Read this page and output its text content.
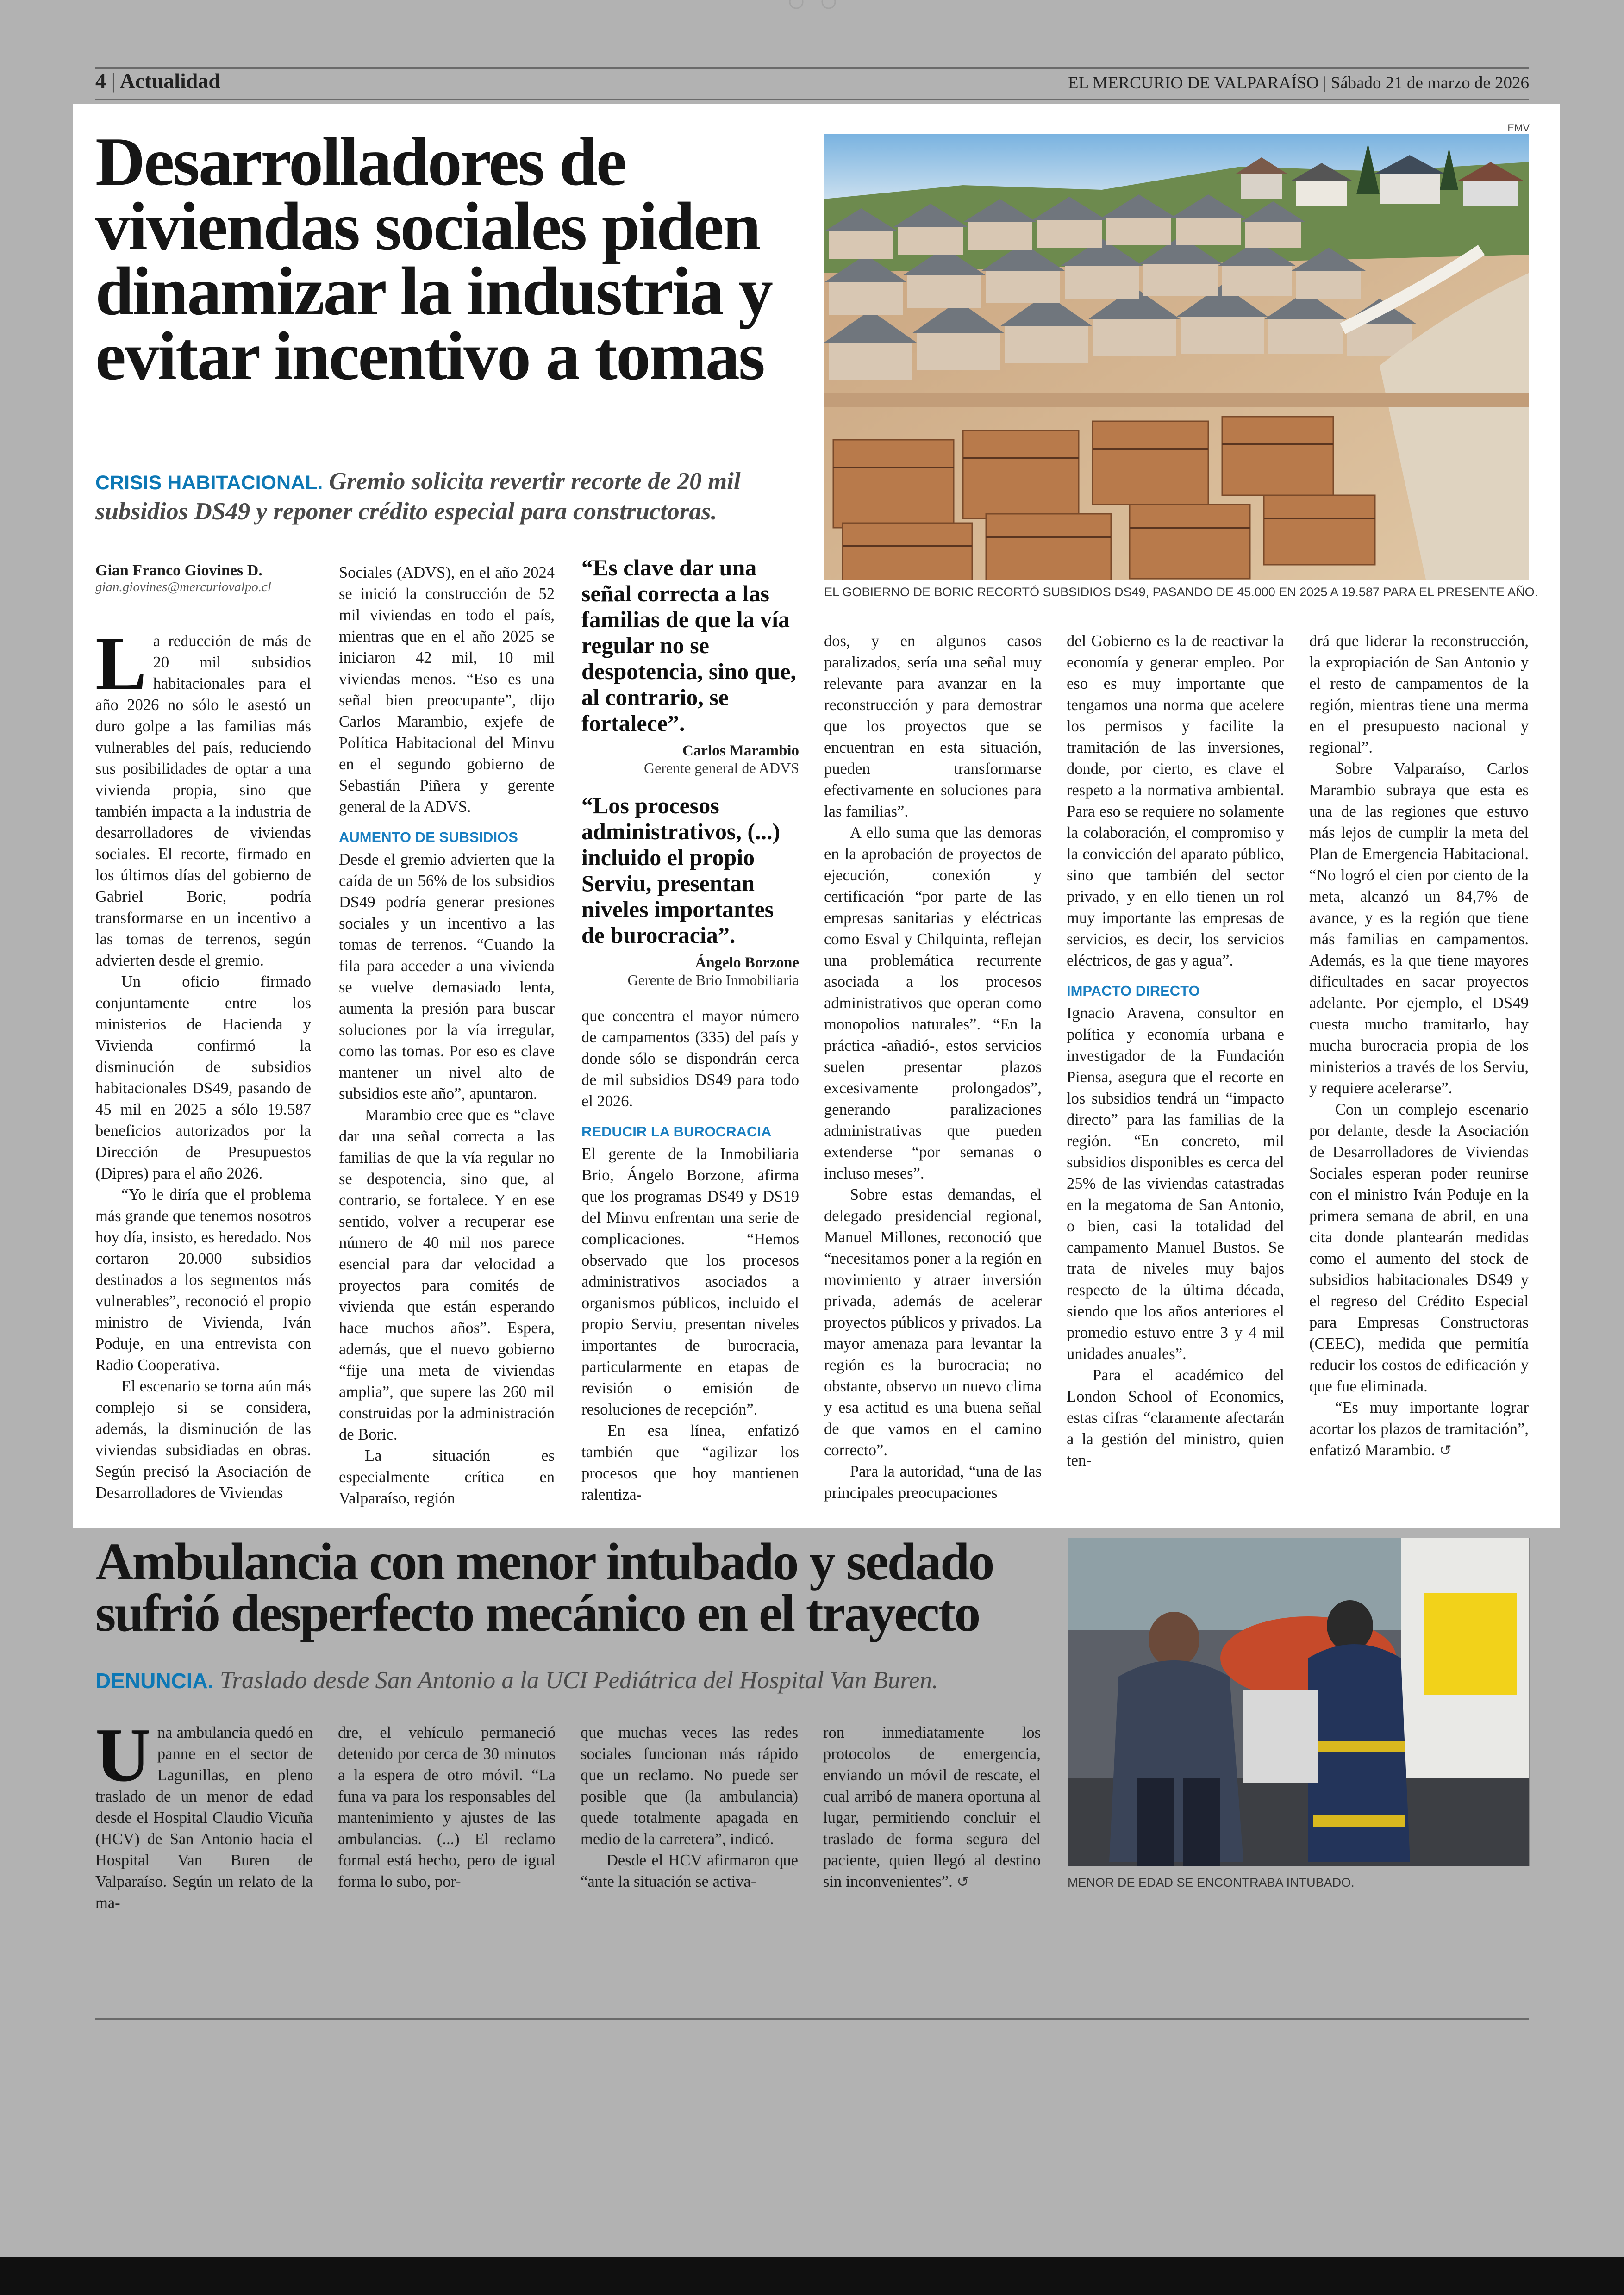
4 | Actualidad	EL MERCURIO DE VALPARAÍSO | Sábado 21 de marzo de 2026
Desarrolladores de
viviendas sociales piden
dinamizar la industria y
evitar incentivo a tomas
CRISIS HABITACIONAL. Gremio solicita revertir recorte de 20 mil
subsidios DS49 y reponer crédito especial para constructoras.
EMV
EL GOBIERNO DE BORIC RECORTÓ SUBSIDIOS DS49, PASANDO DE 45.000 EN 2025 A 19.587 PARA EL PRESENTE AÑO.
Gian Franco Giovines D.
gian.giovines@mercuriovalpo.cl

La reducción de más de 20 mil subsidios habitacionales para el año 2026 no sólo le asestó un duro golpe a las familias más vulnerables del país, reduciendo sus posibilidades de optar a una vivienda propia, sino que también impacta a la industria de desarrolladores de viviendas sociales. El recorte, firmado en los últimos días del gobierno de Gabriel Boric, podría transformarse en un incentivo a las tomas de terrenos, según advierten desde el gremio.

Un oficio firmado conjuntamente entre los ministerios de Hacienda y Vivienda confirmó la disminución de subsidios habitacionales DS49, pasando de 45 mil en 2025 a sólo 19.587 beneficios autorizados por la Dirección de Presupuestos (Dipres) para el año 2026.

“Yo le diría que el problema más grande que tenemos nosotros hoy día, insisto, es heredado. Nos cortaron 20.000 subsidios destinados a los segmentos más vulnerables”, reconoció el propio ministro de Vivienda, Iván Poduje, en una entrevista con Radio Cooperativa.

El escenario se torna aún más complejo si se considera, además, la disminución de las viviendas subsidiadas en obras. Según precisó la Asociación de Desarrolladores de Viviendas

Sociales (ADVS), en el año 2024 se inició la construcción de 52 mil viviendas en todo el país, mientras que en el año 2025 se iniciaron 42 mil, 10 mil viviendas menos. “Eso es una señal bien preocupante”, dijo Carlos Marambio, exjefe de Política Habitacional del Minvu en el segundo gobierno de Sebastián Piñera y gerente general de la ADVS.

AUMENTO DE SUBSIDIOS

Desde el gremio advierten que la caída de un 56% de los subsidios DS49 podría generar presiones sociales y un incentivo a las tomas de terrenos. “Cuando la fila para acceder a una vivienda se vuelve demasiado lenta, aumenta la presión para buscar soluciones por la vía irregular, como las tomas. Por eso es clave mantener un nivel alto de subsidios este año”, apuntaron.

Marambio cree que es “clave dar una señal correcta a las familias de que la vía regular no se despotencia, sino que, al contrario, se fortalece. Y en ese sentido, volver a recuperar ese número de 40 mil nos parece esencial para dar velocidad a proyectos para comités de vivienda que están esperando hace muchos años”. Espera, además, que el nuevo gobierno “fije una meta de viviendas amplia”, que supere las 260 mil construidas por la administración de Boric.

La situación es especialmente crítica en Valparaíso, región

“Es clave dar una señal correcta a las familias de que la vía regular no se despotencia, sino que, al contrario, se fortalece”.
Carlos Marambio
Gerente general de ADVS
“Los procesos administrativos, (...) incluido el propio Serviu, presentan niveles importantes de burocracia”.
Ángelo Borzone
Gerente de Brio Inmobiliaria

que concentra el mayor número de campamentos (335) del país y donde sólo se dispondrán cerca de mil subsidios DS49 para todo el 2026.

REDUCIR LA BUROCRACIA

El gerente de la Inmobiliaria Brio, Ángelo Borzone, afirma que los programas DS49 y DS19 del Minvu enfrentan una serie de complicaciones. “Hemos observado que los procesos administrativos asociados a organismos públicos, incluido el propio Serviu, presentan niveles importantes de burocracia, particularmente en etapas de revisión o emisión de resoluciones de recepción”.

En esa línea, enfatizó también que “agilizar los procesos que hoy mantienen ralentiza-

dos, y en algunos casos paralizados, sería una señal muy relevante para avanzar en la reconstrucción y para demostrar que los proyectos que se encuentran en esta situación, pueden transformarse efectivamente en soluciones para las familias”.

A ello suma que las demoras en la aprobación de proyectos de ejecución, conexión y certificación “por parte de las empresas sanitarias y eléctricas como Esval y Chilquinta, reflejan una problemática recurrente asociada a los procesos administrativos que operan como monopolios naturales”. “En la práctica -añadió-, estos servicios suelen presentar plazos excesivamente prolongados”, generando paralizaciones administrativas que pueden extenderse “por semanas o incluso meses”.

Sobre estas demandas, el delegado presidencial regional, Manuel Millones, reconoció que “necesitamos poner a la región en movimiento y atraer inversión privada, además de acelerar proyectos públicos y privados. La mayor amenaza para levantar la región es la burocracia; no obstante, observo un nuevo clima y esa actitud es una buena señal de que vamos en el camino correcto”.

Para la autoridad, “una de las principales preocupaciones

del Gobierno es la de reactivar la economía y generar empleo. Por eso es muy importante que tengamos una norma que acelere los permisos y facilite la tramitación de las inversiones, donde, por cierto, es clave el respeto a la normativa ambiental. Para eso se requiere no solamente la colaboración, el compromiso y la convicción del aparato público, sino que también del sector privado, y en ello tienen un rol muy importante las empresas de servicios, es decir, los servicios eléctricos, de gas y agua”.

IMPACTO DIRECTO

Ignacio Aravena, consultor en política y economía urbana e investigador de la Fundación Piensa, asegura que el recorte en los subsidios tendrá un “impacto directo” para las familias de la región. “En concreto, mil subsidios disponibles es cerca del 25% de las viviendas catastradas en la megatoma de San Antonio, o bien, casi la totalidad del campamento Manuel Bustos. Se trata de niveles muy bajos respecto de la última década, siendo que los años anteriores el promedio estuvo entre 3 y 4 mil unidades anuales”.

Para el académico del London School of Economics, estas cifras “claramente afectarán a la gestión del ministro, quien ten-

drá que liderar la reconstrucción, la expropiación de San Antonio y el resto de campamentos de la región, mientras tiene una merma en el presupuesto nacional y regional”.

Sobre Valparaíso, Carlos Marambio subraya que esta es una de las regiones que estuvo más lejos de cumplir la meta del Plan de Emergencia Habitacional. “No logró el cien por ciento de la meta, alcanzó un 84,7% de avance, y es la región que tiene más familias en campamentos. Además, es la que tiene mayores dificultades en sacar proyectos adelante. Por ejemplo, el DS49 cuesta mucho tramitarlo, hay mucha burocracia propia de los ministerios a través de los Serviu, y requiere acelerarse”.

Con un complejo escenario por delante, desde la Asociación de Desarrolladores de Viviendas Sociales esperan poder reunirse con el ministro Iván Poduje en la primera semana de abril, en una cita donde plantearán medidas como el aumento del stock de subsidios habitacionales DS49 y el regreso del Crédito Especial para Empresas Constructoras (CEEC), medida que permitía reducir los costos de edificación y que fue eliminada.

“Es muy importante lograr acortar los plazos de tramitación”, enfatizó Marambio. ↺

Ambulancia con menor intubado y sedado
sufrió desperfecto mecánico en el trayecto
DENUNCIA. Traslado desde San Antonio a la UCI Pediátrica del Hospital Van Buren.

Una ambulancia quedó en panne en el sector de Lagunillas, en pleno traslado de un menor de edad desde el Hospital Claudio Vicuña (HCV) de San Antonio hacia el Hospital Van Buren de Valparaíso. Según un relato de la ma-

dre, el vehículo permaneció detenido por cerca de 30 minutos a la espera de otro móvil. “La funa va para los responsables del mantenimiento y ajustes de las ambulancias. (...) El reclamo formal está hecho, pero de igual forma lo subo, por-

que muchas veces las redes sociales funcionan más rápido que un reclamo. No puede ser posible que (la ambulancia) quede totalmente apagada en medio de la carretera”, indicó.

Desde el HCV afirmaron que “ante la situación se activa-

ron inmediatamente los protocolos de emergencia, enviando un móvil de rescate, el cual arribó de manera oportuna al lugar, permitiendo concluir el traslado de forma segura del paciente, quien llegó al destino sin inconvenientes”. ↺	MENOR DE EDAD SE ENCONTRABA INTUBADO.
